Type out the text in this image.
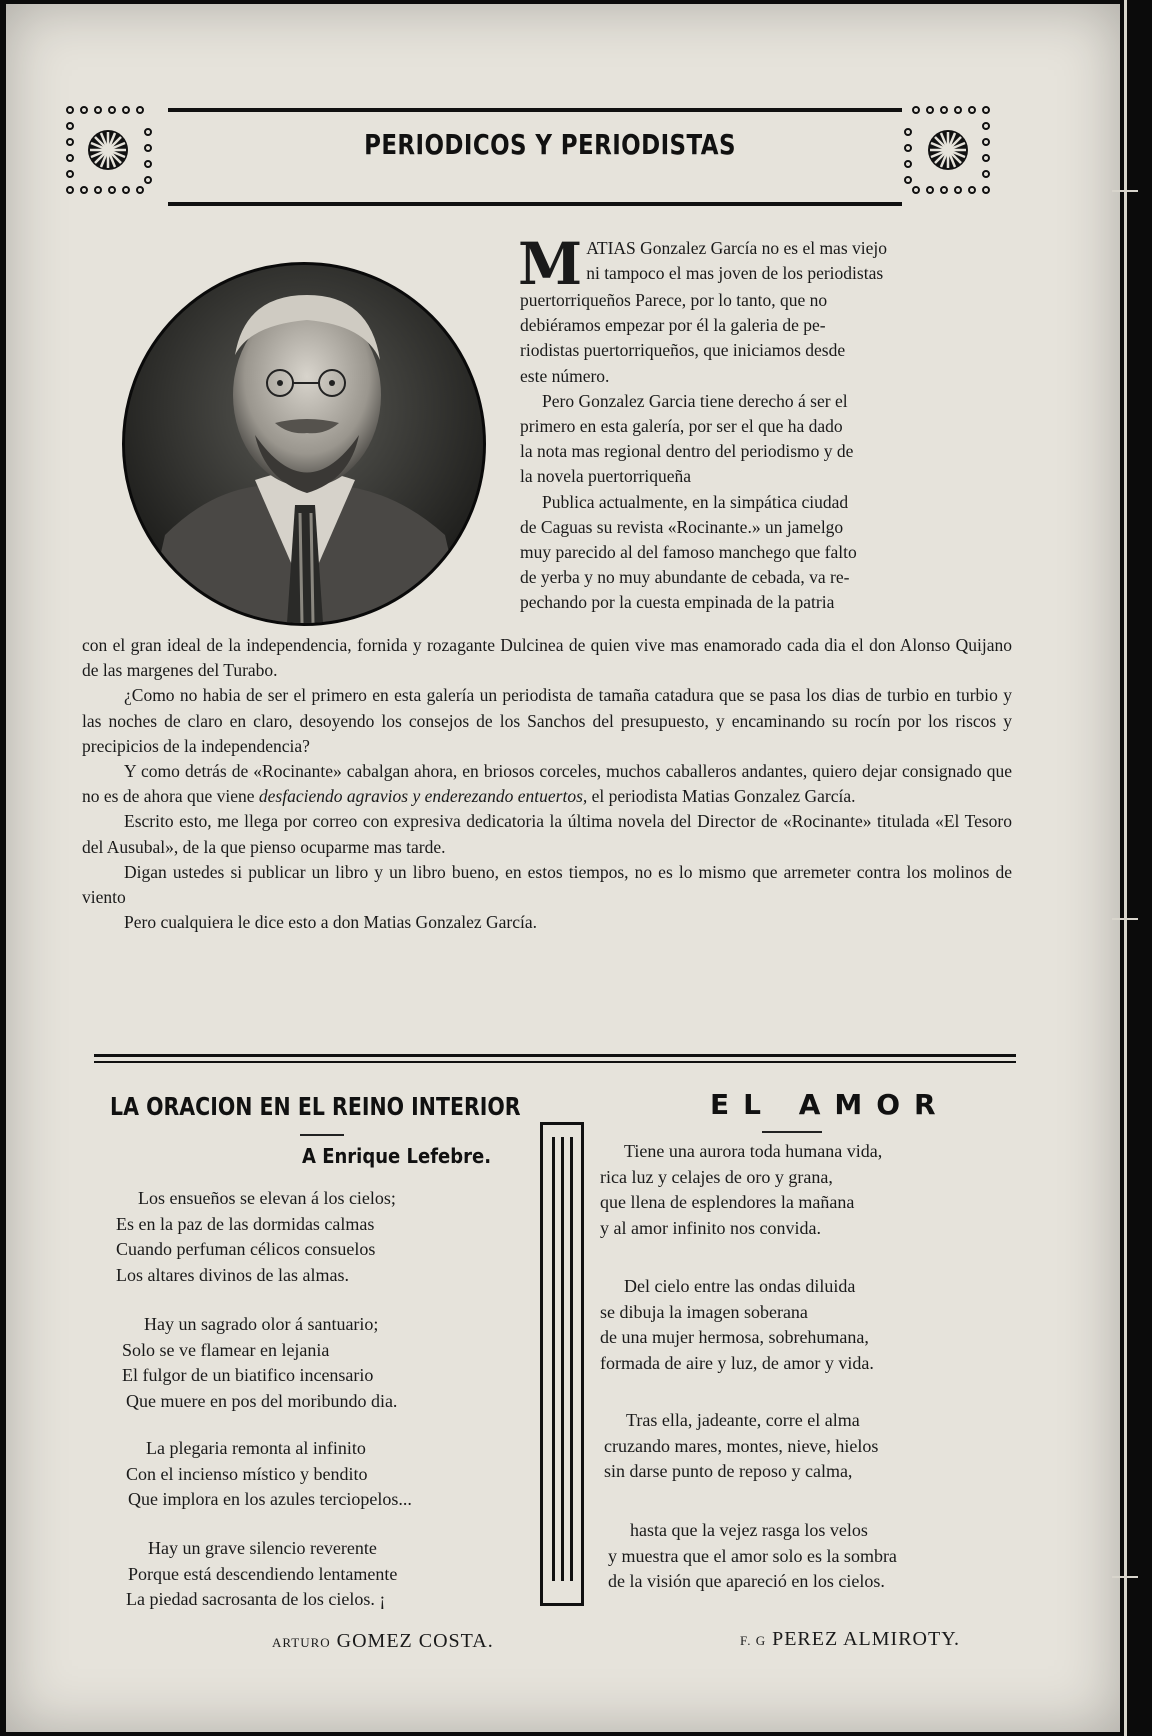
PERIODICOS Y PERIODISTAS
M ATIAS Gonzalez García no es el mas viejo
ni tampoco el mas joven de los periodistas
puertorriqueños Parece, por lo tanto, que no
debiéramos empezar por él la galeria de pe-
riodistas puertorriqueños, que iniciamos desde
este número.
Pero Gonzalez Garcia tiene derecho á ser el
primero en esta galería, por ser el que ha dado
la nota mas regional dentro del periodismo y de
la novela puertorriqueña
Publica actualmente, en la simpática ciudad
de Caguas su revista «Rocinante.» un jamelgo
muy parecido al del famoso manchego que falto
de yerba y no muy abundante de cebada, va re-
pechando por la cuesta empinada de la patria

con el gran ideal de la independencia, fornida y rozagante Dulcinea de quien vive mas enamorado cada dia el don Alonso Quijano de las margenes del Turabo.

¿Como no habia de ser el primero en esta galería un periodista de tamaña catadura que se pasa los dias de turbio en turbio y las noches de claro en claro, desoyendo los consejos de los Sanchos del presupuesto, y encaminando su rocín por los riscos y precipicios de la independencia?

Y como detrás de «Rocinante» cabalgan ahora, en briosos corceles, muchos caballeros andantes, quiero dejar consignado que no es de ahora que viene desfaciendo agravios y enderezando entuertos, el periodista Matias Gonzalez García.

Escrito esto, me llega por correo con expresiva dedicatoria la última novela del Director de «Rocinante» titulada «El Tesoro del Ausubal», de la que pienso ocuparme mas tarde.

Digan ustedes si publicar un libro y un libro bueno, en estos tiempos, no es lo mismo que arremeter contra los molinos de viento

Pero cualquiera le dice esto a don Matias Gonzalez García.

LA ORACION EN EL REINO INTERIOR
A Enrique Lefebre.
Los ensueños se elevan á los cielos;
Es en la paz de las dormidas calmas
Cuando perfuman célicos consuelos
Los altares divinos de las almas.
Hay un sagrado olor á santuario;
Solo se ve flamear en lejania
El fulgor de un biatifico incensario
Que muere en pos del moribundo dia.
La plegaria remonta al infinito
Con el incienso místico y bendito
Que implora en los azules terciopelos...
Hay un grave silencio reverente
Porque está descendiendo lentamente
La piedad sacrosanta de los cielos. ¡
ARTURO GOMEZ COSTA.
EL AMOR
Tiene una aurora toda humana vida,
rica luz y celajes de oro y grana,
que llena de esplendores la mañana
y al amor infinito nos convida.
Del cielo entre las ondas diluida
se dibuja la imagen soberana
de una mujer hermosa, sobrehumana,
formada de aire y luz, de amor y vida.
Tras ella, jadeante, corre el alma
cruzando mares, montes, nieve, hielos
sin darse punto de reposo y calma,
hasta que la vejez rasga los velos
y muestra que el amor solo es la sombra
de la visión que apareció en los cielos.
F. G PEREZ ALMIROTY.
